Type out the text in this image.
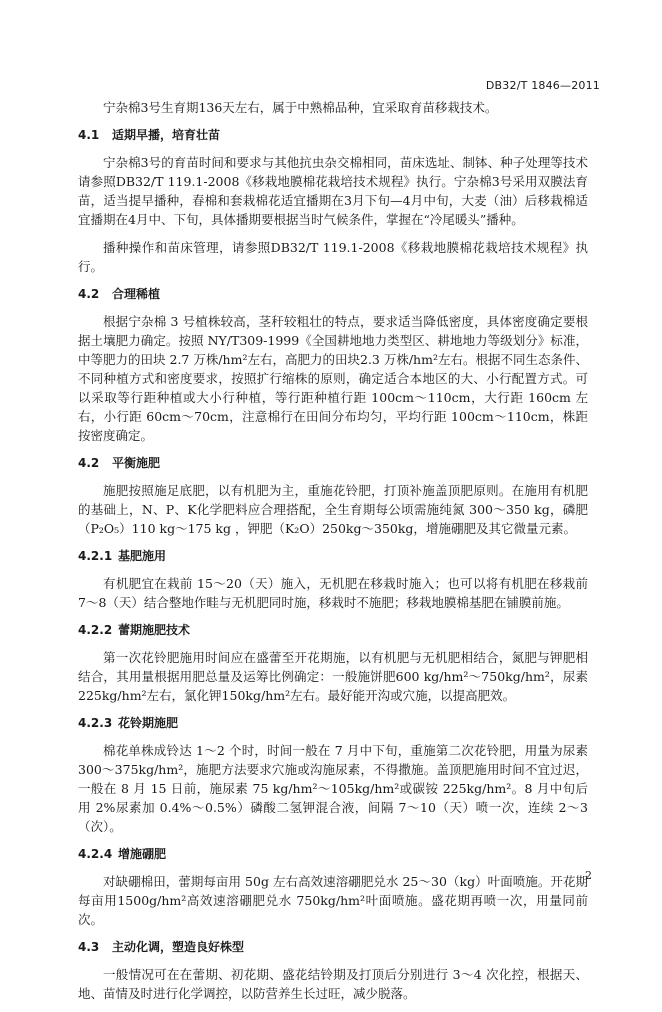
DB32/T 1846—2011

宁杂棉3号生育期136天左右，属于中熟棉品种，宜采取育苗移栽技术。

4.1 适期早播，培育壮苗

宁杂棉3号的育苗时间和要求与其他抗虫杂交棉相同，苗床选址、制钵、种子处理等技术请参照DB32/T 119.1-2008《移栽地膜棉花栽培技术规程》执行。宁杂棉3号采用双膜法育苗，适当提早播种，春棉和套栽棉花适宜播期在3月下旬—4月中旬，大麦（油）后移栽棉适宜播期在4月中、下旬，具体播期要根据当时气候条件，掌握在“冷尾暖头”播种。

播种操作和苗床管理，请参照DB32/T 119.1-2008《移栽地膜棉花栽培技术规程》执行。

4.2 合理稀植

根据宁杂棉 3 号植株较高，茎秆较粗壮的特点，要求适当降低密度，具体密度确定要根据土壤肥力确定。按照 NY/T309-1999《全国耕地地力类型区、耕地地力等级划分》标准，中等肥力的田块 2.7 万株/hm²左右，高肥力的田块2.3 万株/hm²左右。根据不同生态条件、不同种植方式和密度要求，按照扩行缩株的原则，确定适合本地区的大、小行配置方式。可以采取等行距种植或大小行种植，等行距种植行距 100cm～110cm，大行距 160cm 左右，小行距 60cm～70cm，注意棉行在田间分布均匀，平均行距 100cm～110cm，株距按密度确定。

4.2 平衡施肥

施肥按照施足底肥，以有机肥为主，重施花铃肥，打顶补施盖顶肥原则。在施用有机肥的基础上，N、P、K化学肥料应合理搭配，全生育期每公顷需施纯氮 300～350 kg，磷肥（P₂O₅）110 kg～175 kg ，钾肥（K₂O）250kg～350kg，增施硼肥及其它微量元素。

4.2.1 基肥施用

有机肥宜在栽前 15～20（天）施入，无机肥在移栽时施入；也可以将有机肥在移栽前 7～8（天）结合整地作畦与无机肥同时施，移栽时不施肥；移栽地膜棉基肥在铺膜前施。

4.2.2 蕾期施肥技术

第一次花铃肥施用时间应在盛蕾至开花期施，以有机肥与无机肥相结合，氮肥与钾肥相结合，其用量根据用肥总量及运筹比例确定：一般施饼肥600 kg/hm²～750kg/hm²，尿素 225kg/hm²左右，氯化钾150kg/hm²左右。最好能开沟或穴施，以提高肥效。

4.2.3 花铃期施肥

棉花单株成铃达 1～2 个时，时间一般在 7 月中下旬，重施第二次花铃肥，用量为尿素 300～375kg/hm²，施肥方法要求穴施或沟施尿素，不得撒施。盖顶肥施用时间不宜过迟，一般在 8 月 15 日前，施尿素 75 kg/hm²～105kg/hm²或碳铵 225kg/hm²。8 月中旬后用 2%尿素加 0.4%～0.5%）磷酸二氢钾混合液，间隔 7～10（天）喷一次，连续 2～3（次）。

4.2.4 增施硼肥

对缺硼棉田，蕾期每亩用 50g 左右高效速溶硼肥兑水 25～30（kg）叶面喷施。开花期每亩用1500g/hm²高效速溶硼肥兑水 750kg/hm²叶面喷施。盛花期再喷一次，用量同前次。

4.3 主动化调，塑造良好株型

一般情况可在在蕾期、初花期、盛花结铃期及打顶后分别进行 3～4 次化控，根据天、地、苗情及时进行化学调控，以防营养生长过旺，减少脱落。

2
